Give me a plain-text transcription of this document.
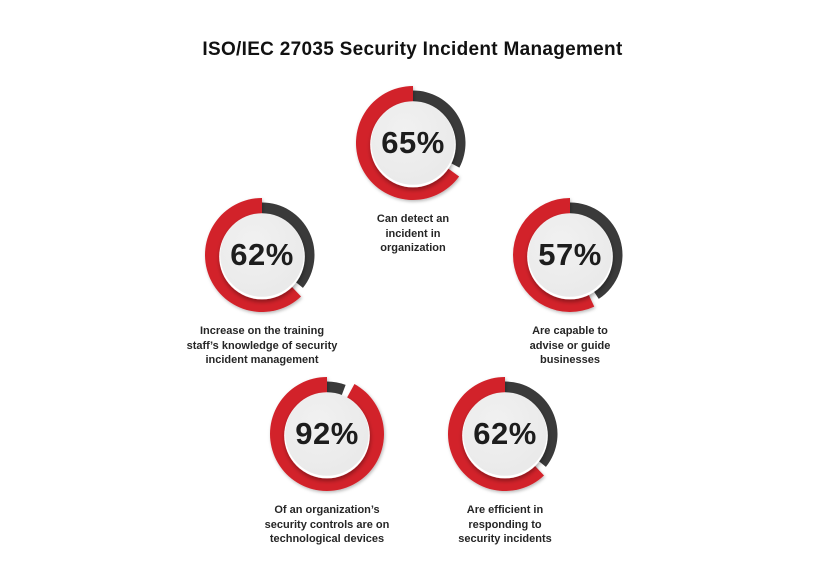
ISO/IEC 27035 Security Incident Management
65%
Can detect an
incident in
organization
62%
Increase on the training
staff’s knowledge of security
incident management
57%
Are capable to
advise or guide
businesses
92%
Of an organization’s
security controls are on
technological devices
62%
Are efficient in
responding to
security incidents
